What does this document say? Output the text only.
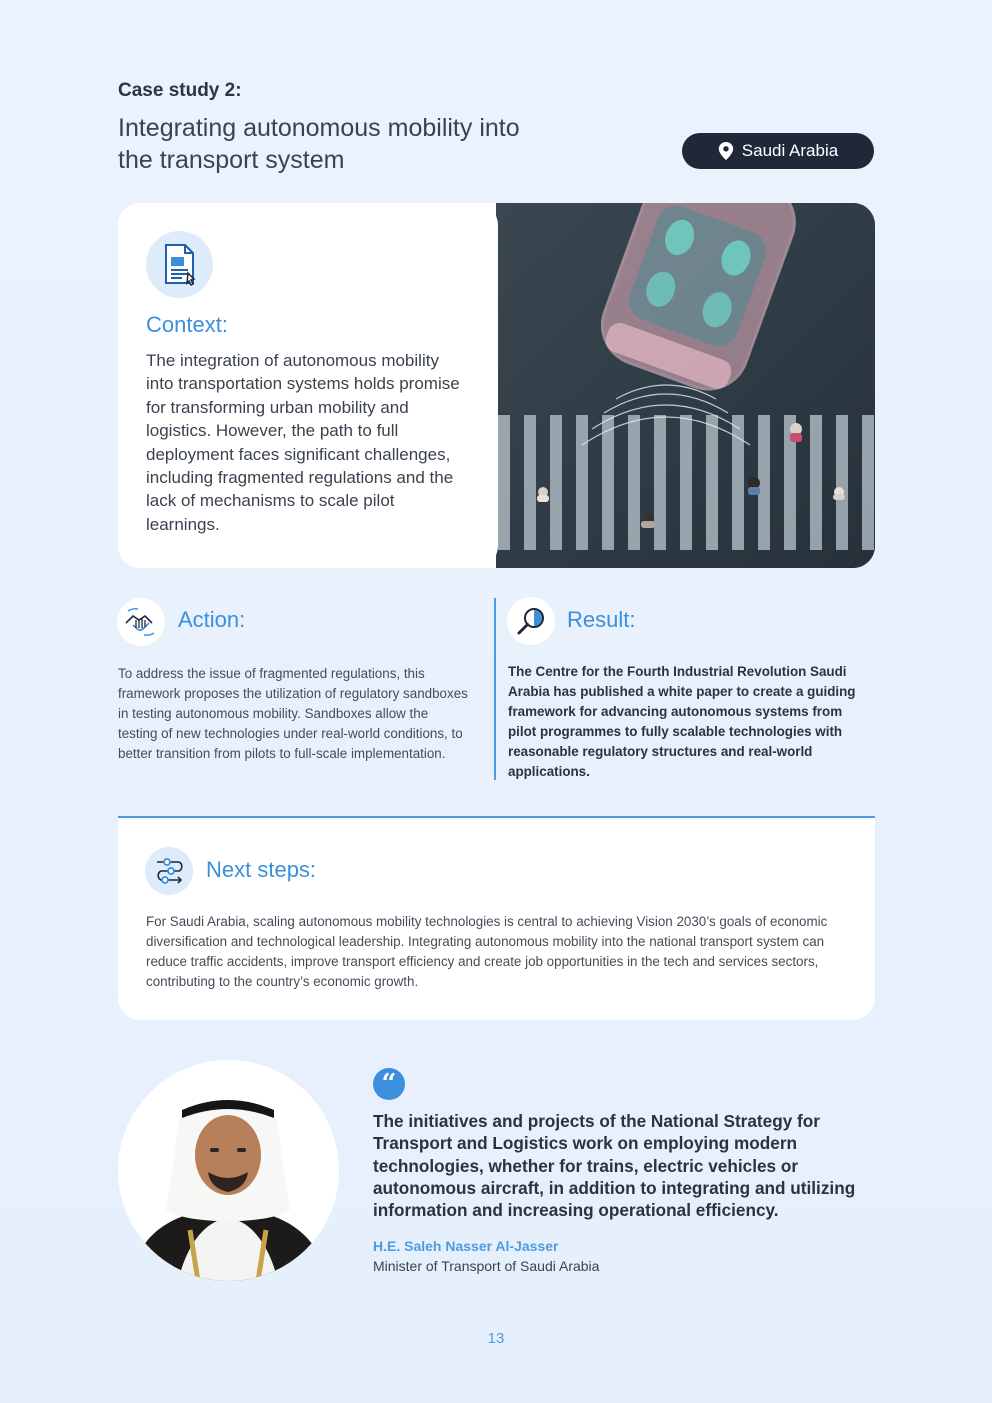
Case study 2:
Integrating autonomous mobility into the transport system	Saudi Arabia
Context:
The integration of autonomous mobility into transportation systems holds promise for transforming urban mobility and logistics. However, the path to full deployment faces significant challenges, including fragmented regulations and the lack of mechanisms to scale pilot learnings.
Action:
To address the issue of fragmented regulations, this framework proposes the utilization of regulatory sandboxes in testing autonomous mobility. Sandboxes allow the testing of new technologies under real-world conditions, to better transition from pilots to full-scale implementation.
Result:
The Centre for the Fourth Industrial Revolution Saudi Arabia has published a white paper to create a guiding framework for advancing autonomous systems from pilot programmes to fully scalable technologies with reasonable regulatory structures and real-world applications.
Next steps:
For Saudi Arabia, scaling autonomous mobility technologies is central to achieving Vision 2030’s goals of economic diversification and technological leadership. Integrating autonomous mobility into the national transport system can reduce traffic accidents, improve transport efficiency and create job opportunities in the tech and services sectors, contributing to the country’s economic growth.
“
The initiatives and projects of the National Strategy for Transport and Logistics work on employing modern technologies, whether for trains, electric vehicles or autonomous aircraft, in addition to integrating and utilizing information and increasing operational efficiency.
H.E. Saleh Nasser Al-Jasser
Minister of Transport of Saudi Arabia
13
